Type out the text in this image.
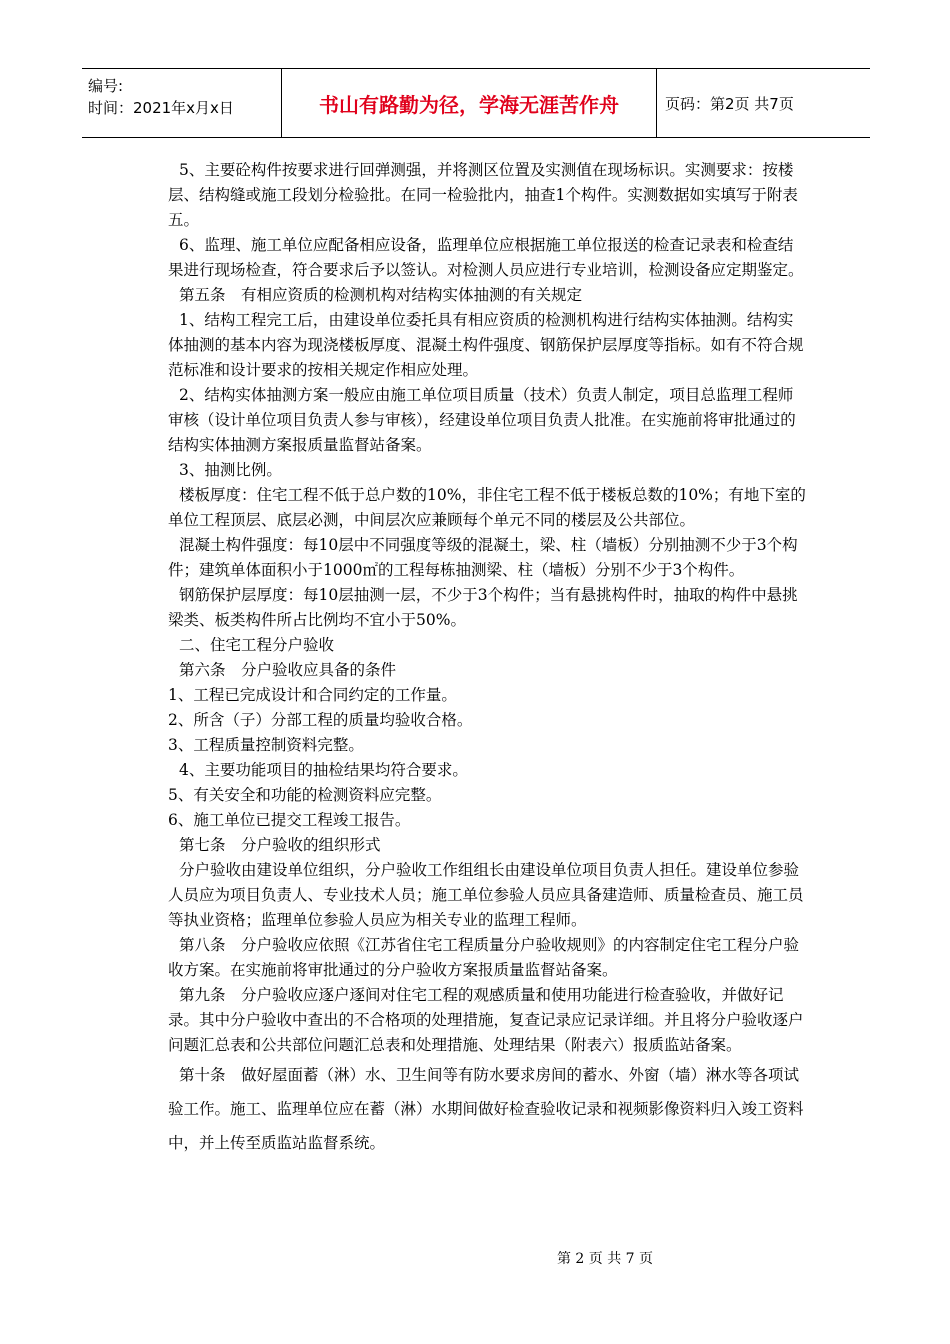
编号:
时间：2021年x月x日	书山有路勤为径，学海无涯苦作舟	页码：第2页 共7页

5、主要砼构件按要求进行回弹测强，并将测区位置及实测值在现场标识。实测要求：按楼层、结构缝或施工段划分检验批。在同一检验批内，抽查1个构件。实测数据如实填写于附表五。

6、监理、施工单位应配备相应设备，监理单位应根据施工单位报送的检查记录表和检查结果进行现场检查，符合要求后予以签认。对检测人员应进行专业培训，检测设备应定期鉴定。

第五条　有相应资质的检测机构对结构实体抽测的有关规定

1、结构工程完工后，由建设单位委托具有相应资质的检测机构进行结构实体抽测。结构实体抽测的基本内容为现浇楼板厚度、混凝土构件强度、钢筋保护层厚度等指标。如有不符合规范标准和设计要求的按相关规定作相应处理。

2、结构实体抽测方案一般应由施工单位项目质量（技术）负责人制定，项目总监理工程师审核（设计单位项目负责人参与审核），经建设单位项目负责人批准。在实施前将审批通过的结构实体抽测方案报质量监督站备案。

3、抽测比例。

楼板厚度：住宅工程不低于总户数的10%，非住宅工程不低于楼板总数的10%；有地下室的单位工程顶层、底层必测，中间层次应兼顾每个单元不同的楼层及公共部位。

混凝土构件强度：每10层中不同强度等级的混凝土，梁、柱（墙板）分别抽测不少于3个构件；建筑单体面积小于1000㎡的工程每栋抽测梁、柱（墙板）分别不少于3个构件。

钢筋保护层厚度：每10层抽测一层，不少于3个构件；当有悬挑构件时，抽取的构件中悬挑梁类、板类构件所占比例均不宜小于50%。

二、住宅工程分户验收

第六条　分户验收应具备的条件

1、工程已完成设计和合同约定的工作量。

2、所含（子）分部工程的质量均验收合格。

3、工程质量控制资料完整。

4、主要功能项目的抽检结果均符合要求。

5、有关安全和功能的检测资料应完整。

6、施工单位已提交工程竣工报告。

第七条　分户验收的组织形式

分户验收由建设单位组织，分户验收工作组组长由建设单位项目负责人担任。建设单位参验人员应为项目负责人、专业技术人员；施工单位参验人员应具备建造师、质量检查员、施工员等执业资格；监理单位参验人员应为相关专业的监理工程师。

第八条　分户验收应依照《江苏省住宅工程质量分户验收规则》的内容制定住宅工程分户验收方案。在实施前将审批通过的分户验收方案报质量监督站备案。

第九条　分户验收应逐户逐间对住宅工程的观感质量和使用功能进行检查验收，并做好记录。其中分户验收中查出的不合格项的处理措施，复查记录应记录详细。并且将分户验收逐户问题汇总表和公共部位问题汇总表和处理措施、处理结果（附表六）报质监站备案。

第十条　做好屋面蓄（淋）水、卫生间等有防水要求房间的蓄水、外窗（墙）淋水等各项试验工作。施工、监理单位应在蓄（淋）水期间做好检查验收记录和视频影像资料归入竣工资料中，并上传至质监站监督系统。

第 2 页 共 7 页
